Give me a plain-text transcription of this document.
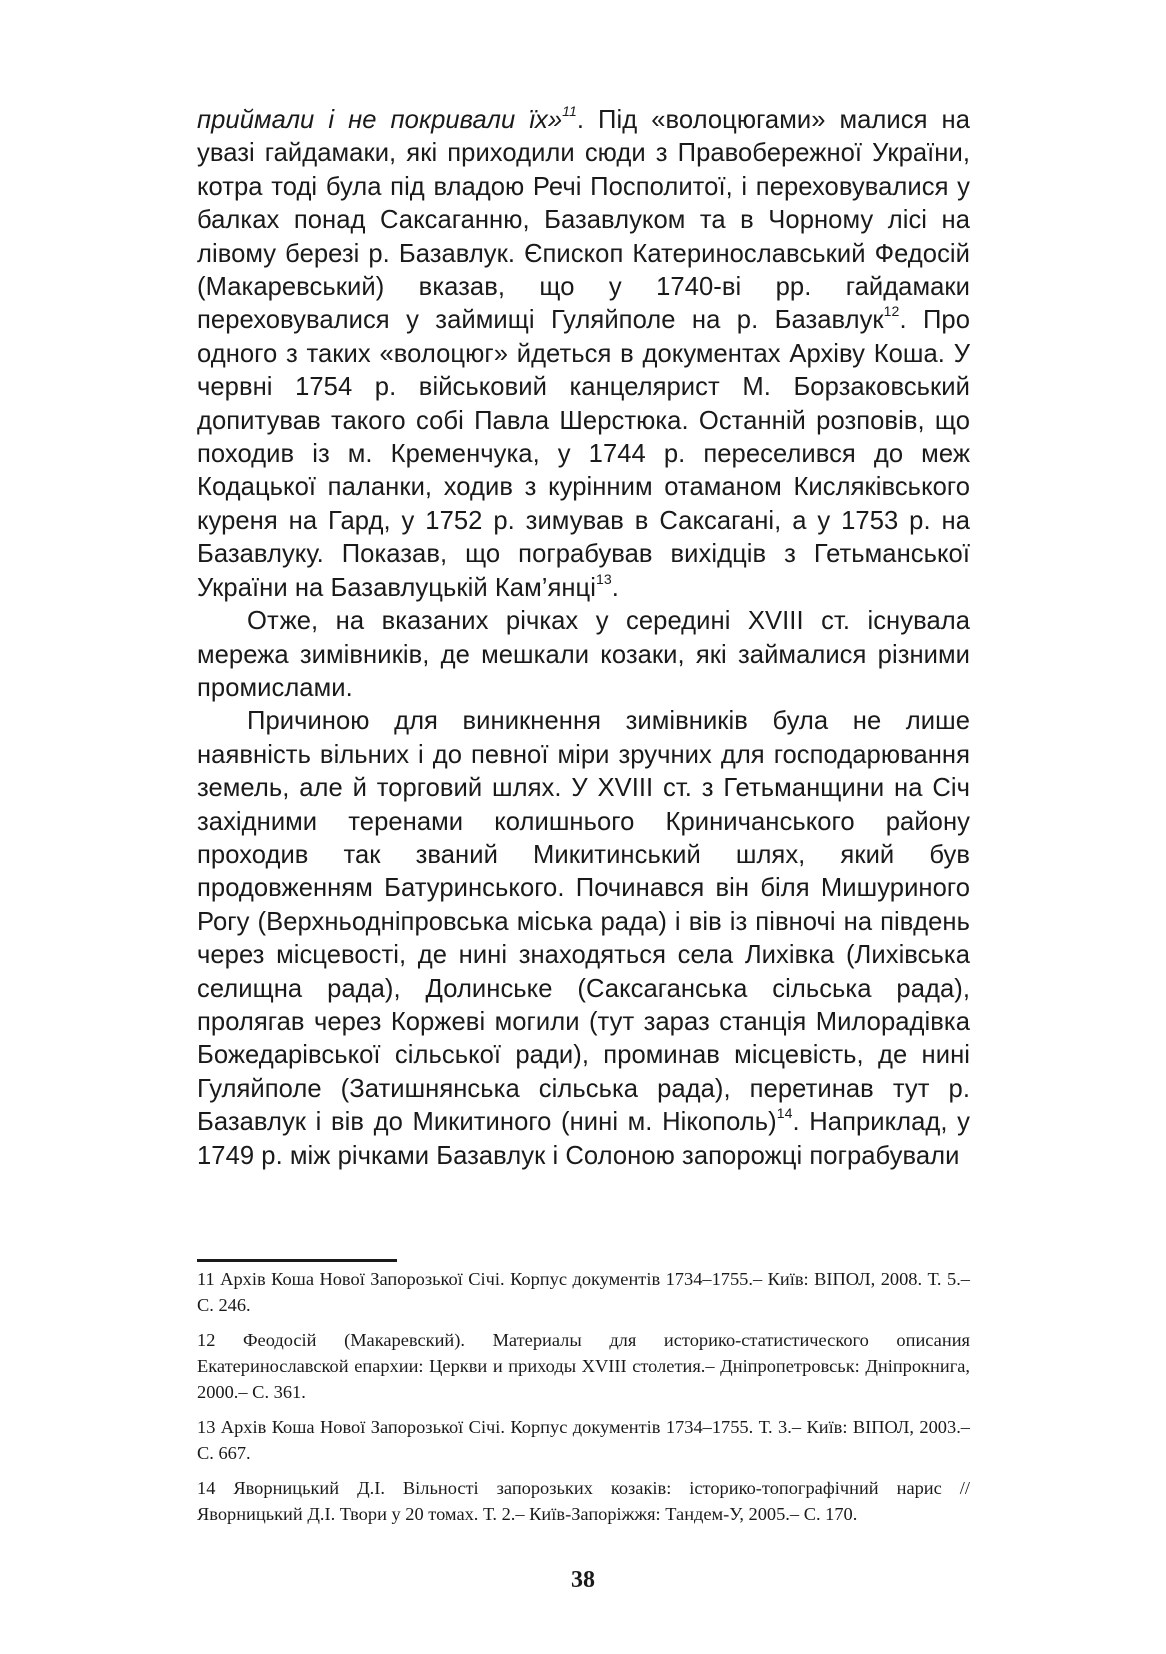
приймали і не покривали їх»$^{11}$. Під «волоцюгами» малися на увазі гайдамаки, які приходили сюди з Правобережної України, котра тоді була під владою Речі Посполитої, і переховувалися у балках понад Саксаганню, Базавлуком та в Чорному лісі на лівому березі р. Базавлук. Єпископ Катеринославський Федосій (Макаревський) вказав, що у 1740-ві рр. гайдамаки переховувалися у займищі Гуляйполе на р. Базавлук$^{12}$. Про одного з таких «волоцюг» йдеться в документах Архіву Коша. У червні 1754 р. військовий канцелярист М. Борзаковський допитував такого собі Павла Шерстюка. Останній розповів, що походив із м. Кременчука, у 1744 р. переселився до меж Кодацької паланки, ходив з курінним отаманом Кисляківського куреня на Гард, у 1752 р. зимував в Саксагані, а у 1753 р. на Базавлуку. Показав, що пограбував вихідців з Гетьманської України на Базавлуцькій Кам’янці$^{13}$.

Отже, на вказаних річках у середині XVIII ст. існувала мережа зимівників, де мешкали козаки, які займалися різними промислами.

Причиною для виникнення зимівників була не лише наявність вільних і до певної міри зручних для господарювання земель, але й торговий шлях. У XVIII ст. з Гетьманщини на Січ західними теренами колишнього Криничанського району проходив так званий Микитинський шлях, який був продовженням Батуринського. Починався він біля Мишуриного Рогу (Верхньодніпровська міська рада) і вів із півночі на південь через місцевості, де нині знаходяться села Лихівка (Лихівська селищна рада), Долинське (Саксаганська сільська рада), пролягав через Коржеві могили (тут зараз станція Милорадівка Божедарівської сільської ради), проминав місцевість, де нині Гуляйполе (Затишнянська сільська рада), перетинав тут р. Базавлук і вів до Микитиного (нині м. Нікополь)$^{14}$. Наприклад, у 1749 р. між річками Базавлук і Солоною запорожці пограбували

11 Архів Коша Нової Запорозької Січі. Корпус документів 1734–1755.– Київ: ВІПОЛ, 2008. Т. 5.– С. 246.

12 Феодосій (Макаревский). Материалы для историко-статистического описания Екатеринославской епархии: Церкви и приходы XVIII столетия.– Дніпропетровськ: Дніпрокнига, 2000.– С. 361.

13 Архів Коша Нової Запорозької Січі. Корпус документів 1734–1755. Т. 3.– Київ: ВІПОЛ, 2003.– С. 667.

14 Яворницький Д.І. Вільності запорозьких козаків: історико-топографічний нарис // Яворницький Д.І. Твори у 20 томах. Т. 2.– Київ-Запоріжжя: Тандем-У, 2005.– С. 170.

38
